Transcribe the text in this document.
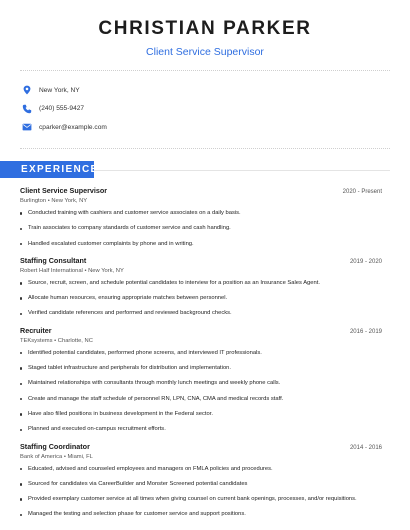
CHRISTIAN PARKER
Client Service Supervisor
New York, NY
(240) 555-9427
cparker@example.com
EXPERIENCE
Client Service Supervisor	2020 - Present
Burlington • New York, NY
Conducted training with cashiers and customer service associates on a daily basis.
Train associates to company standards of customer service and cash handling.
Handled escalated customer complaints by phone and in writing.
Staffing Consultant	2019 - 2020
Robert Half International • New York, NY
Source, recruit, screen, and schedule potential candidates to interview for a position as an Insurance Sales Agent.
Allocate human resources, ensuring appropriate matches between personnel.
Verified candidate references and performed and reviewed background checks.
Recruiter	2016 - 2019
TEKsystems • Charlotte, NC
Identified potential candidates, performed phone screens, and interviewed IT professionals.
Staged tablet infrastructure and peripherals for distribution and implementation.
Maintained relationships with consultants through monthly lunch meetings and weekly phone calls.
Create and manage the staff schedule of personnel RN, LPN, CNA, CMA and medical records staff.
Have also filled positions in business development in the Federal sector.
Planned and executed on-campus recruitment efforts.
Staffing Coordinator	2014 - 2016
Bank of America • Miami, FL
Educated, advised and counseled employees and managers on FMLA policies and procedures.
Sourced for candidates via CareerBuilder and Monster Screened potential candidates
Provided exemplary customer service at all times when giving counsel on current bank openings, processes, and/or requisitions.
Managed the testing and selection phase for customer service and support positions.
